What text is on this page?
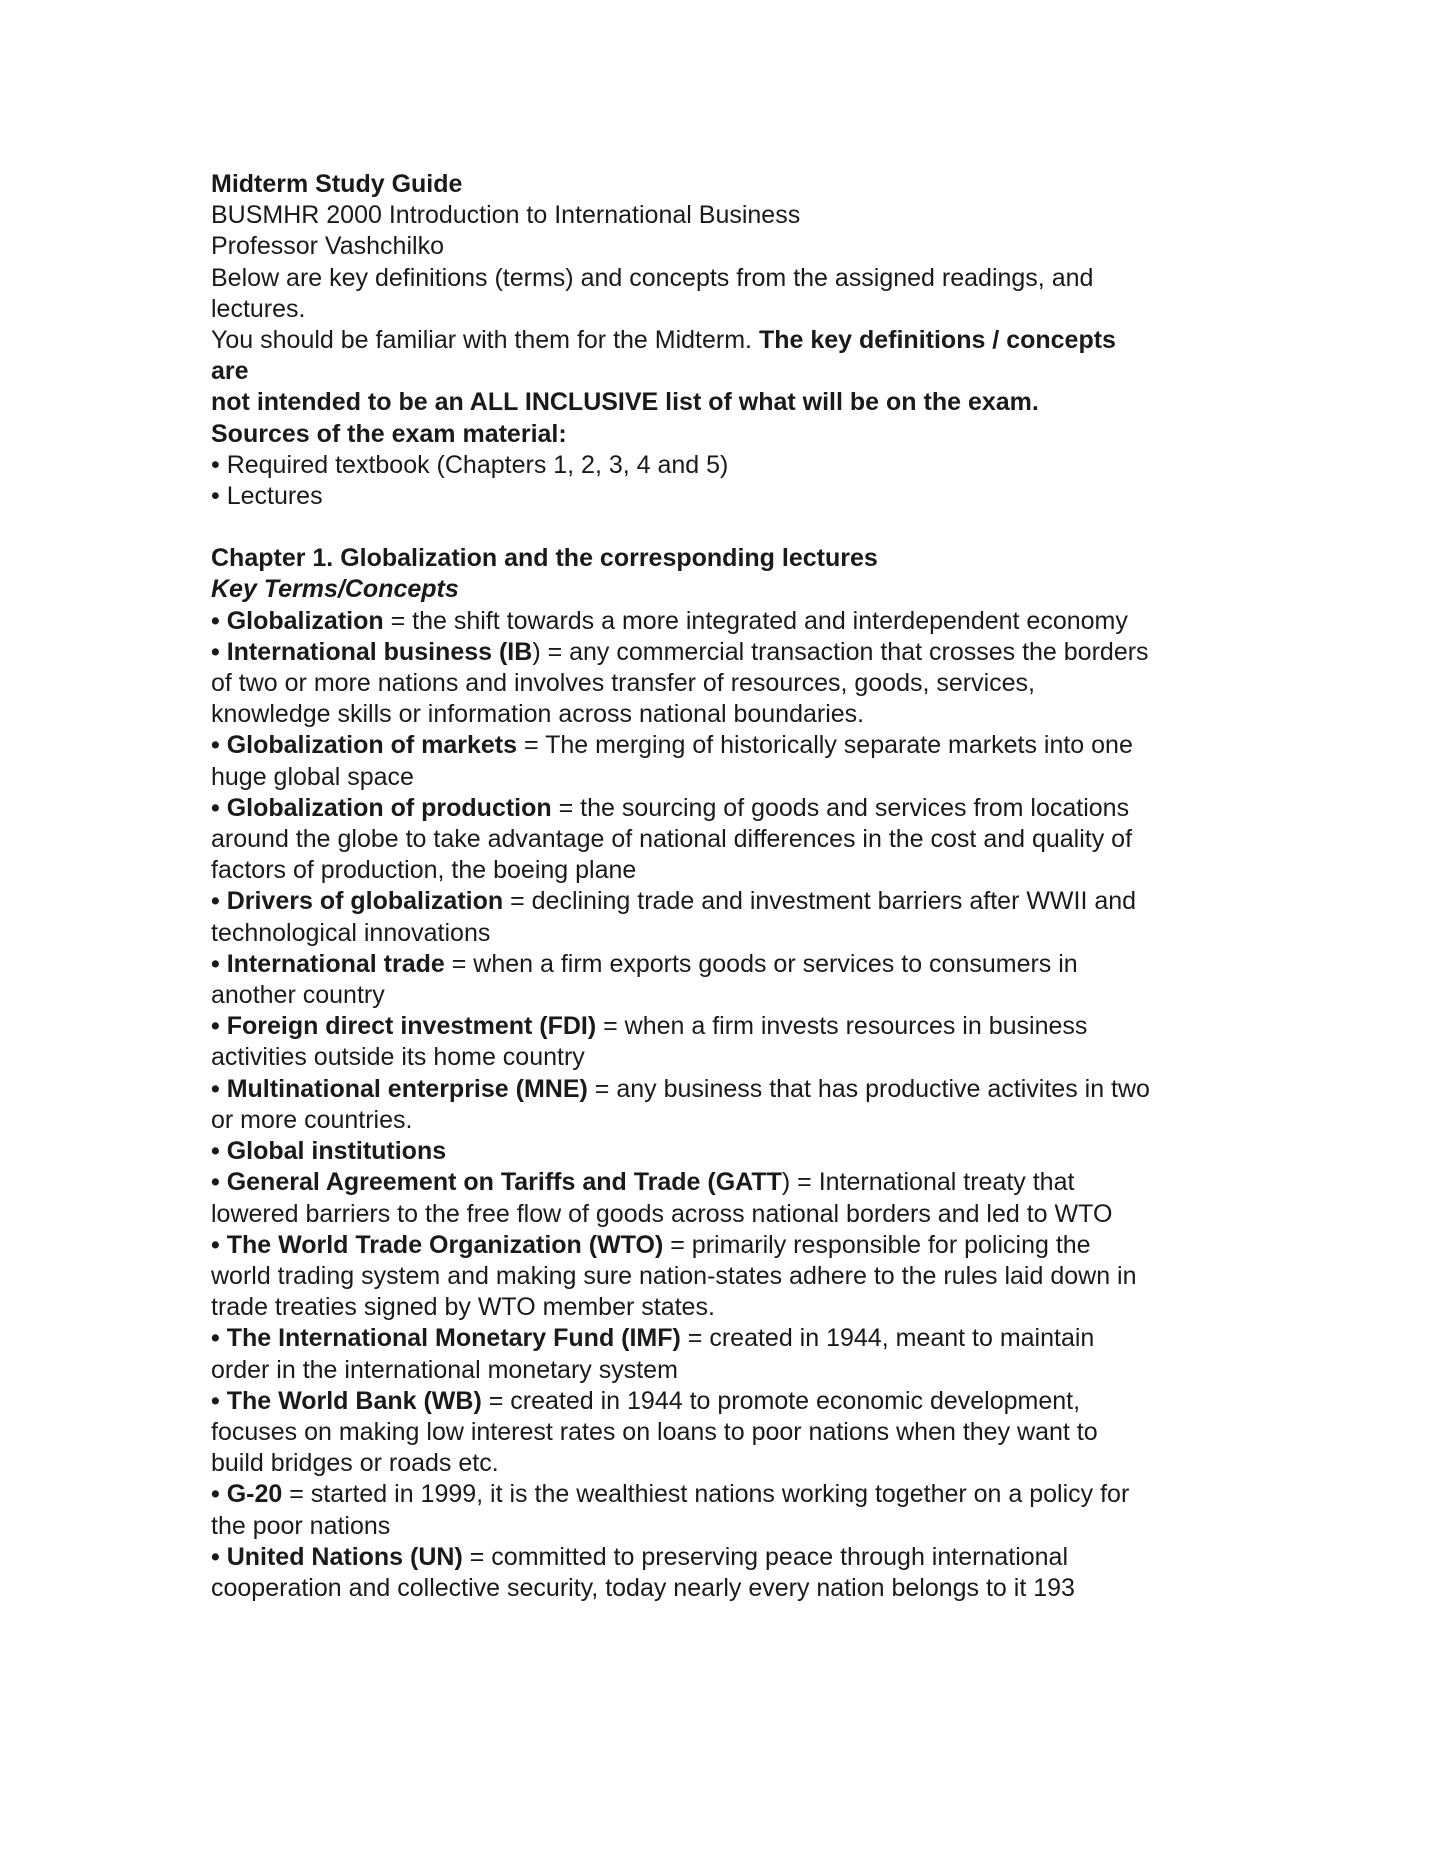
Midterm Study Guide
BUSMHR 2000 Introduction to International Business
Professor Vashchilko
Below are key definitions (terms) and concepts from the assigned readings, and
lectures.
You should be familiar with them for the Midterm. The key definitions / concepts
are
not intended to be an ALL INCLUSIVE list of what will be on the exam.
Sources of the exam material:
• Required textbook (Chapters 1, 2, 3, 4 and 5)
• Lectures
Chapter 1. Globalization and the corresponding lectures
Key Terms/Concepts
• Globalization = the shift towards a more integrated and interdependent economy
• International business (IB) = any commercial transaction that crosses the borders
of two or more nations and involves transfer of resources, goods, services,
knowledge skills or information across national boundaries.
• Globalization of markets = The merging of historically separate markets into one
huge global space
• Globalization of production = the sourcing of goods and services from locations
around the globe to take advantage of national differences in the cost and quality of
factors of production, the boeing plane
• Drivers of globalization = declining trade and investment barriers after WWII and
technological innovations
• International trade = when a firm exports goods or services to consumers in
another country
• Foreign direct investment (FDI) = when a firm invests resources in business
activities outside its home country
• Multinational enterprise (MNE) = any business that has productive activites in two
or more countries.
• Global institutions
• General Agreement on Tariffs and Trade (GATT) = International treaty that
lowered barriers to the free flow of goods across national borders and led to WTO
• The World Trade Organization (WTO) = primarily responsible for policing the
world trading system and making sure nation-states adhere to the rules laid down in
trade treaties signed by WTO member states.
• The International Monetary Fund (IMF) = created in 1944, meant to maintain
order in the international monetary system
• The World Bank (WB) = created in 1944 to promote economic development,
focuses on making low interest rates on loans to poor nations when they want to
build bridges or roads etc.
• G-20 = started in 1999, it is the wealthiest nations working together on a policy for
the poor nations
• United Nations (UN) = committed to preserving peace through international
cooperation and collective security, today nearly every nation belongs to it 193
